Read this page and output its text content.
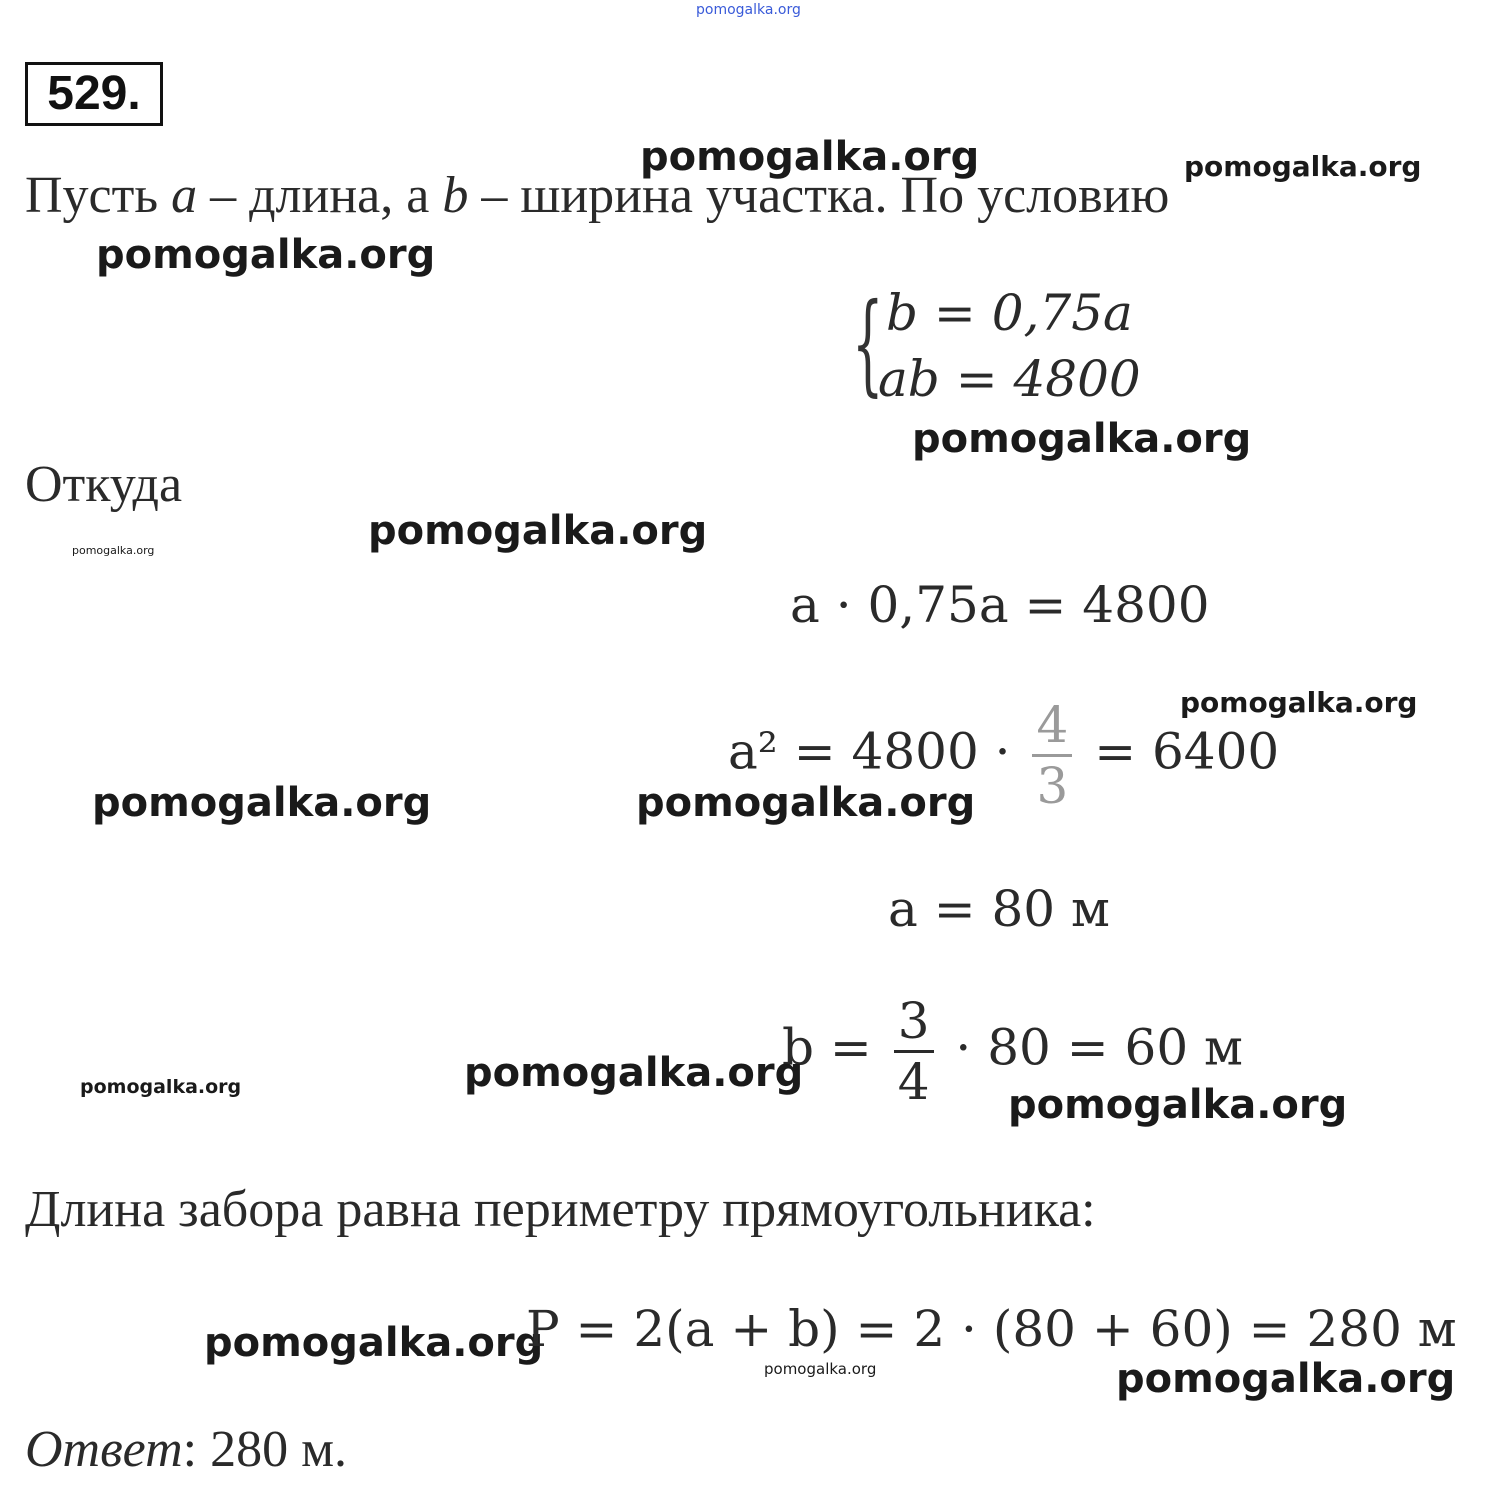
pomogalka.org
529.
pomogalka.org	pomogalka.org
Пусть a – длина, а b – ширина участка. По условию
pomogalka.org
{ b = 0,75a
ab = 4800
pomogalka.org
Откуда
pomogalka.org
pomogalka.org
a · 0,75a = 4800
pomogalka.org
$a^2 = 4800 \cdot \frac{4}{3} = 6400$
pomogalka.org	pomogalka.org
a = 80 м
$b = \frac{3}{4} \cdot 80 = 60$ м
pomogalka.org	pomogalka.org
pomogalka.org
Длина забора равна периметру прямоугольника:
pomogalka.org
P = 2(a + b) = 2 · (80 + 60) = 280 м
pomogalka.org	pomogalka.org
Ответ: 280 м.
